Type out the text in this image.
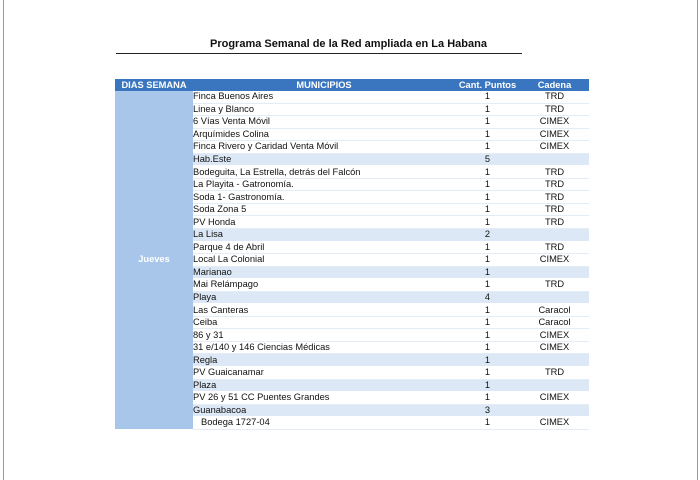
Programa Semanal de la Red ampliada en La Habana
DIAS SEMANA	MUNICIPIOS	Cant. Puntos	Cadena
Jueves	Finca Buenos Aires	1	TRD
	Linea y Blanco	1	TRD
	6 Vías Venta Móvil	1	CIMEX
	Arquímides Colina	1	CIMEX
	Finca Rivero y Caridad Venta Móvil	1	CIMEX
	Hab.Este	5	
	Bodeguita, La Estrella, detrás del Falcón	1	TRD
	La Playita - Gatronomía.	1	TRD
	Soda 1- Gastronomía.	1	TRD
	Soda Zona 5	1	TRD
	PV Honda	1	TRD
	La Lisa	2	
	Parque 4 de Abril	1	TRD
	Local La Colonial	1	CIMEX
	Marianao	1	
	Mai Relámpago	1	TRD
	Playa	4	
	Las Canteras	1	Caracol
	Ceiba	1	Caracol
	86 y 31	1	CIMEX
	31 e/140 y 146 Ciencias Médicas	1	CIMEX
	Regla	1	
	PV Guaicanamar	1	TRD
	Plaza	1	
	PV 26 y 51 CC Puentes Grandes	1	CIMEX
	Guanabacoa	3	
	Bodega 1727-04	1	CIMEX
